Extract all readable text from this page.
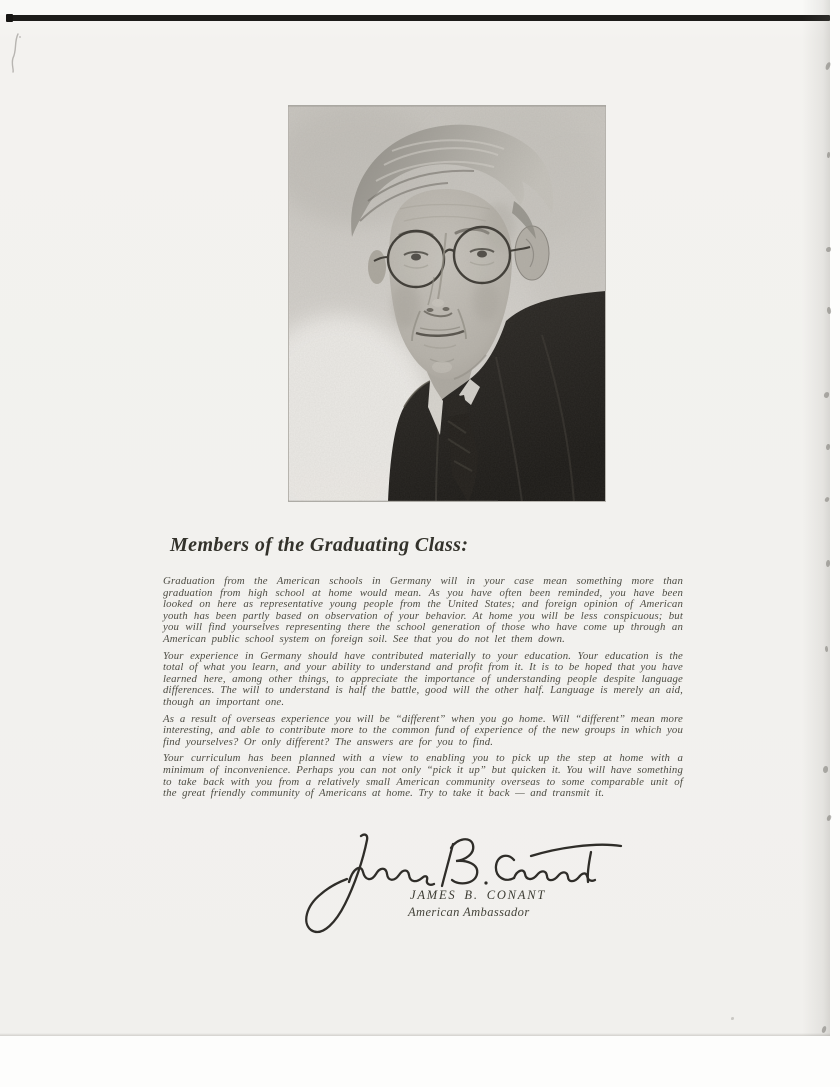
Members of the Graduating Class:

Graduation from the American schools in Germany will in your case mean something more than graduation from high school at home would mean. As you have often been reminded, you have been looked on here as representative young people from the United States; and foreign opinion of American youth has been partly based on observation of your behavior. At home you will be less conspicuous; but you will find yourselves representing there the school generation of those who have come up through an American public school system on foreign soil. See that you do not let them down.

Your experience in Germany should have contributed materially to your education. Your education is the total of what you learn, and your ability to understand and profit from it. It is to be hoped that you have learned here, among other things, to appreciate the importance of understanding people despite language differences. The will to understand is half the battle, good will the other half. Language is merely an aid, though an important one.

As a result of overseas experience you will be “different” when you go home. Will “different” mean more interesting, and able to contribute more to the common fund of experience of the new groups in which you find yourselves? Or only different? The answers are for you to find.

Your curriculum has been planned with a view to enabling you to pick up the step at home with a minimum of inconvenience. Perhaps you can not only “pick it up” but quicken it. You will have something to take back with you from a relatively small American community overseas to some comparable unit of the great friendly community of Americans at home. Try to take it back — and transmit it.

JAMES B. CONANT
American Ambassador
